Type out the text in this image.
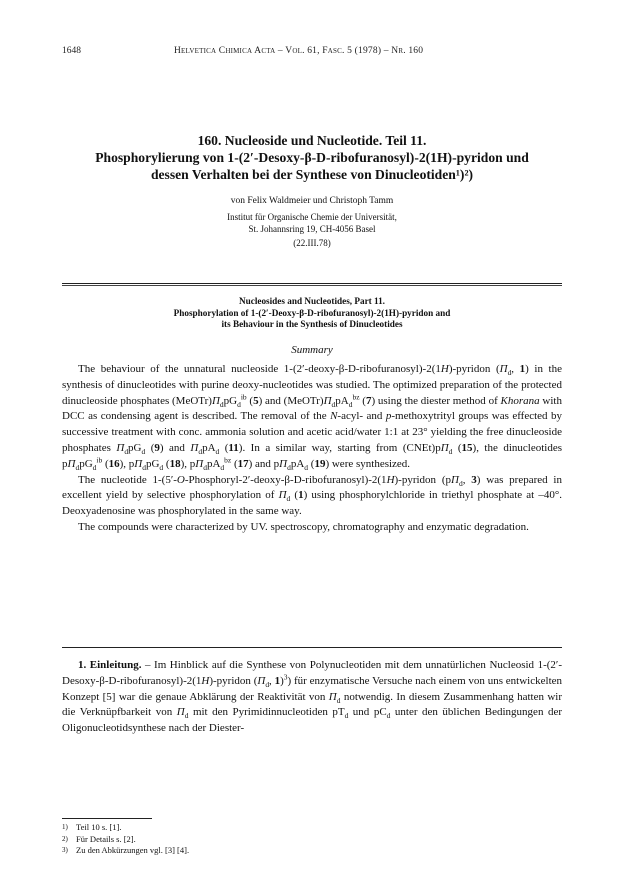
1648	Helvetica Chimica Acta – Vol. 61, Fasc. 5 (1978) – Nr. 160
160. Nucleoside und Nucleotide. Teil 11.
Phosphorylierung von 1-(2′-Desoxy-β-D-ribofuranosyl)-2(1H)-pyridon und
dessen Verhalten bei der Synthese von Dinucleotiden¹)²)
von Felix Waldmeier und Christoph Tamm
Institut für Organische Chemie der Universität,
St. Johannsring 19, CH-4056 Basel
(22.III.78)
Nucleosides and Nucleotides, Part 11.
Phosphorylation of 1-(2′-Deoxy-β-D-ribofuranosyl)-2(1H)-pyridon and
its Behaviour in the Synthesis of Dinucleotides
Summary

The behaviour of the unnatural nucleoside 1-(2′-deoxy-β-D-ribofuranosyl)-2(1H)-pyridon ($\Pi_d$, 1) in the synthesis of dinucleotides with purine deoxy-nucleotides was studied. The optimized preparation of the protected dinucleoside phosphates $(MeOTr)\Pi_dpG_d^{ib}$ (5) and $(MeOTr)\Pi_dpA_d^{bz}$ (7) using the diester method of Khorana with DCC as condensing agent is described. The removal of the N-acyl- and p-methoxytrityl groups was effected by successive treatment with conc. ammonia solution and acetic acid/water 1:1 at 23° yielding the free dinucleoside phosphates $\Pi_dpG_d$ (9) and $\Pi_dpA_d$ (11). In a similar way, starting from $(CNEt)p\Pi_d$ (15), the dinucleotides $p\Pi_dpG_d^{ib}$ (16), $p\Pi_dpG_d$ (18), $p\Pi_dpA_d^{bz}$ (17) and $p\Pi_dpA_d$ (19) were synthesized.

The nucleotide 1-(5′-O-Phosphoryl-2′-deoxy-β-D-ribofuranosyl)-2(1H)-pyridon ($p\Pi_d$, 3) was prepared in excellent yield by selective phosphorylation of $\Pi_d$ (1) using phosphorylchloride in triethyl phosphate at –40°. Deoxyadenosine was phosphorylated in the same way.

The compounds were characterized by UV. spectroscopy, chromatography and enzymatic degradation.

1. Einleitung. – Im Hinblick auf die Synthese von Polynucleotiden mit dem unnatürlichen Nucleosid 1-(2′-Desoxy-β-D-ribofuranosyl)-2(1H)-pyridon ($\Pi_d$, 1)$^3$) für enzymatische Versuche nach einem von uns entwickelten Konzept [5] war die genaue Abklärung der Reaktivität von $\Pi_d$ notwendig. In diesem Zusammenhang hatten wir die Verknüpfbarkeit von $\Pi_d$ mit den Pyrimidinnucleotiden $pT_d$ und $pC_d$ unter den üblichen Bedingungen der Oligonucleotidsynthese nach der Diester-

1) Teil 10 s. [1].
2) Für Details s. [2].
3) Zu den Abkürzungen vgl. [3] [4].
